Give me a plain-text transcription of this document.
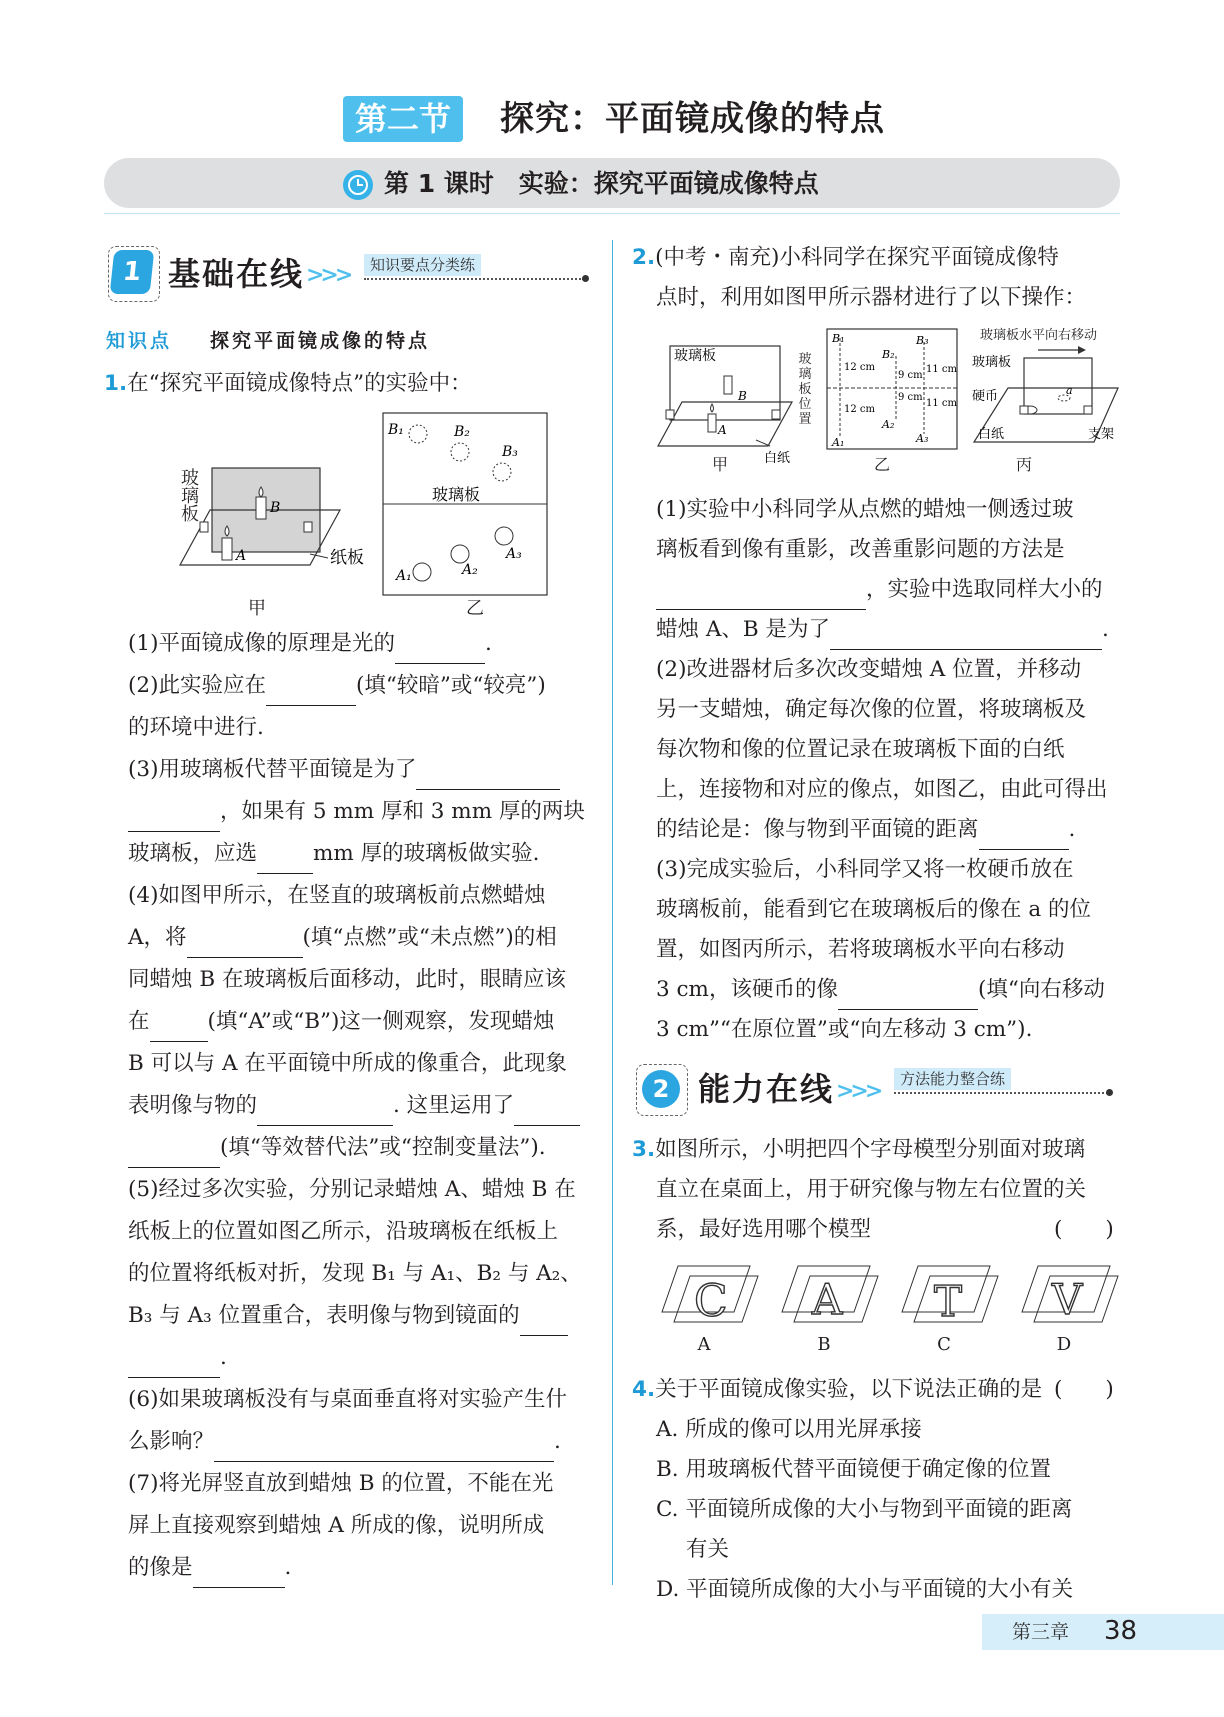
第二节	探究：平面镜成像的特点
第 1 课时　实验：探究平面镜成像特点
1 基础在线 >>>	知识要点分类练
知识点 探究平面镜成像的特点
1.在“探究平面镜成像特点”的实验中：
B
A	纸板
玻
璃
板
甲
B₁	B₂
B₃
A₁	A₂
A₃
玻璃板
乙
(1)平面镜成像的原理是光的	.
(2)此实验应在	(填“较暗”或“较亮”)
的环境中进行.
(3)用玻璃板代替平面镜是为了
，如果有 5 mm 厚和 3 mm 厚的两块
玻璃板，应选	mm 厚的玻璃板做实验.
(4)如图甲所示，在竖直的玻璃板前点燃蜡烛
A，将	(填“点燃”或“未点燃”)的相
同蜡烛 B 在玻璃板后面移动，此时，眼睛应该
在	(填“A”或“B”)这一侧观察，发现蜡烛
B 可以与 A 在平面镜中所成的像重合，此现象
表明像与物的	. 这里运用了
(填“等效替代法”或“控制变量法”).
(5)经过多次实验，分别记录蜡烛 A、蜡烛 B 在
纸板上的位置如图乙所示，沿玻璃板在纸板上
的位置将纸板对折，发现 B₁ 与 A₁、B₂ 与 A₂、
B₃ 与 A₃ 位置重合，表明像与物到镜面的
.
(6)如果玻璃板没有与桌面垂直将对实验产生什
么影响？	.
(7)将光屏竖直放到蜡烛 B 的位置，不能在光
屏上直接观察到蜡烛 A 所成的像，说明所成
的像是	.
2.(中考・南充)小科同学在探究平面镜成像特
点时，利用如图甲所示器材进行了以下操作：
玻璃板
B
A
白纸
甲
玻
璃
板
位
置
B₁
B₂
B₃
A₁
A₂
A₃
12 cm
12 cm
9 cm
9 cm
11 cm
11 cm
乙
玻璃板水平向右移动
a
玻璃板
硬币
白纸	支架
丙
(1)实验中小科同学从点燃的蜡烛一侧透过玻
璃板看到像有重影，改善重影问题的方法是
，实验中选取同样大小的
蜡烛 A、B 是为了	.
(2)改进器材后多次改变蜡烛 A 位置，并移动
另一支蜡烛，确定每次像的位置，将玻璃板及
每次物和像的位置记录在玻璃板下面的白纸
上，连接物和对应的像点，如图乙，由此可得出
的结论是：像与物到平面镜的距离	.
(3)完成实验后，小科同学又将一枚硬币放在
玻璃板前，能看到它在玻璃板后的像在 a 的位
置，如图丙所示，若将玻璃板水平向右移动
3 cm，该硬币的像	(填“向右移动
3 cm”“在原位置”或“向左移动 3 cm”).
2 能力在线 >>>	方法能力整合练
3.如图所示，小明把四个字母模型分别面对玻璃
直立在桌面上，用于研究像与物左右位置的关
系，最好选用哪个模型	(　　)
C
A
A
B
T
C
V
D
4.关于平面镜成像实验，以下说法正确的是 (　　)
A. 所成的像可以用光屏承接
B. 用玻璃板代替平面镜便于确定像的位置
C. 平面镜所成像的大小与物到平面镜的距离
有关
D. 平面镜所成像的大小与平面镜的大小有关
第三章 38
